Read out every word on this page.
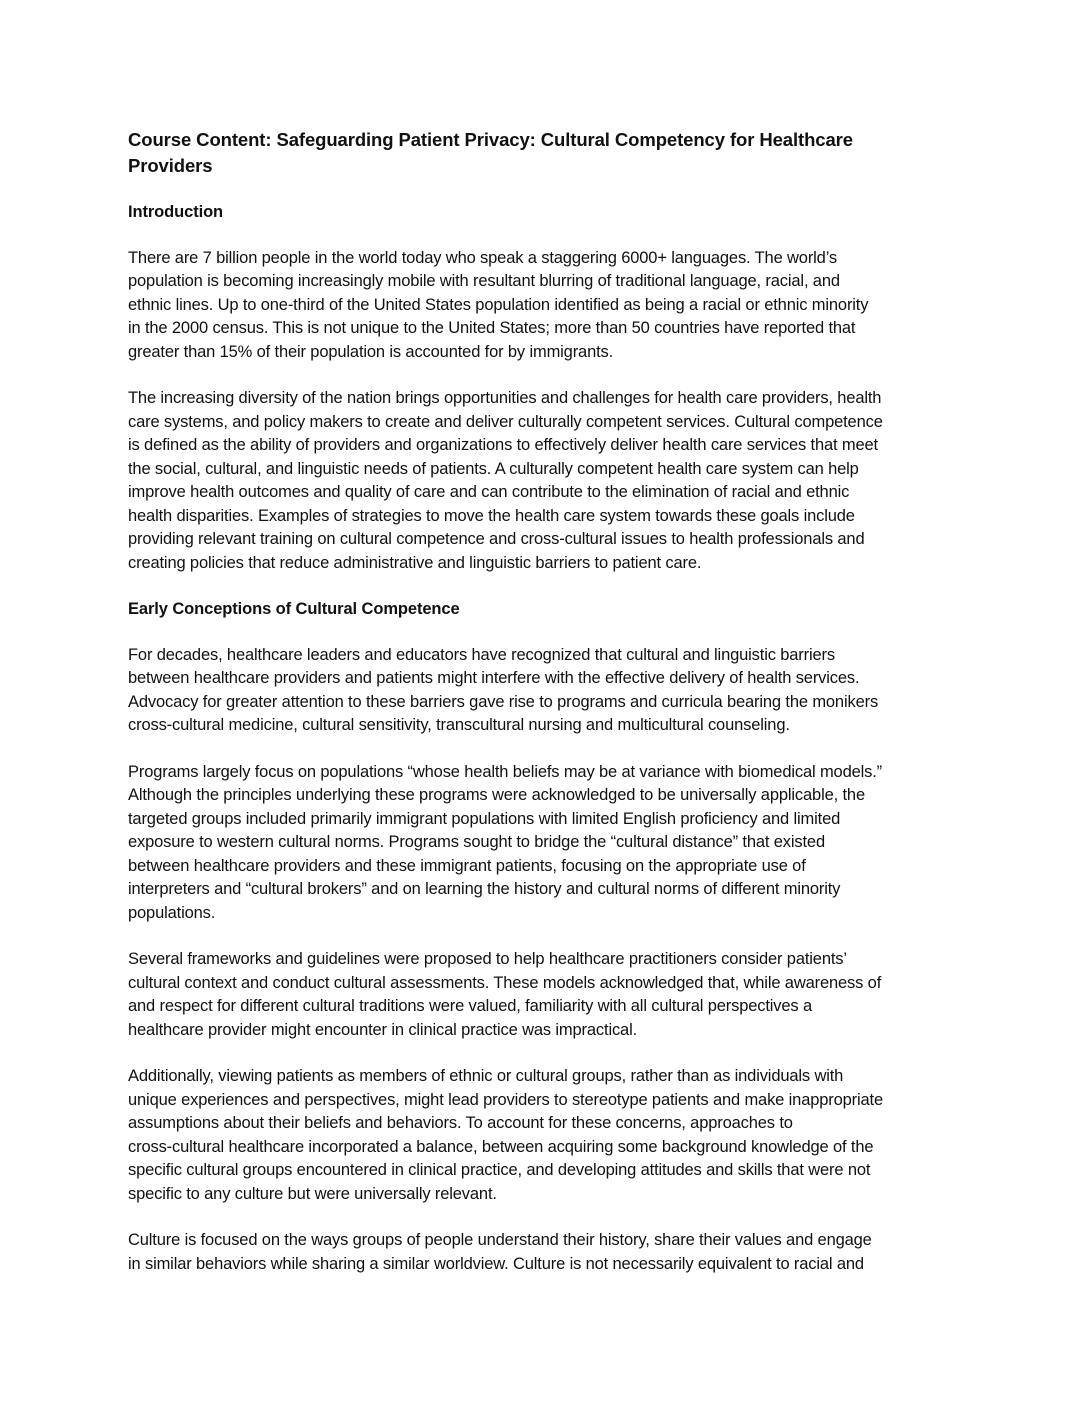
Course Content: Safeguarding Patient Privacy: Cultural Competency for Healthcare
Providers
Introduction

There are 7 billion people in the world today who speak a staggering 6000+ languages. The world’s
population is becoming increasingly mobile with resultant blurring of traditional language, racial, and
ethnic lines. Up to one-third of the United States population identified as being a racial or ethnic minority
in the 2000 census. This is not unique to the United States; more than 50 countries have reported that
greater than 15% of their population is accounted for by immigrants.

The increasing diversity of the nation brings opportunities and challenges for health care providers, health
care systems, and policy makers to create and deliver culturally competent services. Cultural competence
is defined as the ability of providers and organizations to effectively deliver health care services that meet
the social, cultural, and linguistic needs of patients. A culturally competent health care system can help
improve health outcomes and quality of care and can contribute to the elimination of racial and ethnic
health disparities. Examples of strategies to move the health care system towards these goals include
providing relevant training on cultural competence and cross-cultural issues to health professionals and
creating policies that reduce administrative and linguistic barriers to patient care.

Early Conceptions of Cultural Competence

For decades, healthcare leaders and educators have recognized that cultural and linguistic barriers
between healthcare providers and patients might interfere with the effective delivery of health services.
Advocacy for greater attention to these barriers gave rise to programs and curricula bearing the monikers
cross-cultural medicine, cultural sensitivity, transcultural nursing and multicultural counseling.

Programs largely focus on populations “whose health beliefs may be at variance with biomedical models.”
Although the principles underlying these programs were acknowledged to be universally applicable, the
targeted groups included primarily immigrant populations with limited English proficiency and limited
exposure to western cultural norms. Programs sought to bridge the “cultural distance” that existed
between healthcare providers and these immigrant patients, focusing on the appropriate use of
interpreters and “cultural brokers” and on learning the history and cultural norms of different minority
populations.

Several frameworks and guidelines were proposed to help healthcare practitioners consider patients’
cultural context and conduct cultural assessments. These models acknowledged that, while awareness of
and respect for different cultural traditions were valued, familiarity with all cultural perspectives a
healthcare provider might encounter in clinical practice was impractical.

Additionally, viewing patients as members of ethnic or cultural groups, rather than as individuals with
unique experiences and perspectives, might lead providers to stereotype patients and make inappropriate
assumptions about their beliefs and behaviors. To account for these concerns, approaches to
cross-cultural healthcare incorporated a balance, between acquiring some background knowledge of the
specific cultural groups encountered in clinical practice, and developing attitudes and skills that were not
specific to any culture but were universally relevant.

Culture is focused on the ways groups of people understand their history, share their values and engage
in similar behaviors while sharing a similar worldview. Culture is not necessarily equivalent to racial and
